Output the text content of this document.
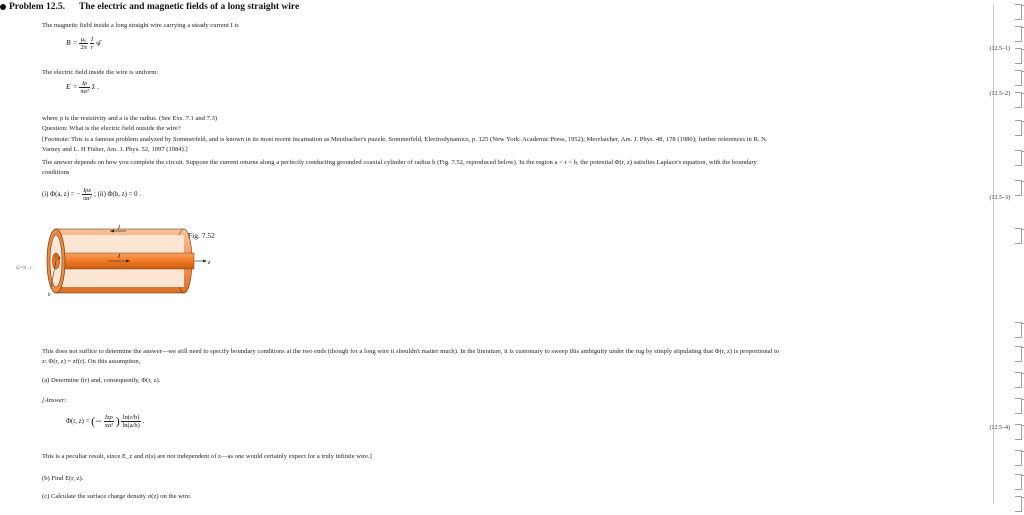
Problem 12.5. The electric and magnetic fields of a long straight wire
The magnetic field inside a long straight wire carrying a steady current I is
$B = \frac{\text{μ₀}}{2\pi}$
$\frac{I}{r}$ φ̂
(12.5–1)
The electric field inside the wire is uniform:
$E = \frac{I\rho}{\text{πa²}}$ ẑ .
(12.5–2)
where ρ is the resistivity and a is the radius. (See Exs. 7.1 and 7.3)
Question: What is the electric field outside the wire?
[Footnote: This is a famous problem analyzed by Sommerfeld, and is known in its most recent incarnation as Merzbacher's puzzle. Sommerfeld, Electrodynamics, p. 125 (New York: Academic Press, 1952); Merzbacher, Am. J. Phys. 48, 178 (1980); further references in R. N.
Varney and L. H Fisher, Am. J. Phys. 52, 1097 (1984).]
The answer depends on how you complete the circuit. Suppose the current returns along a perfectly conducting grounded coaxial cylinder of radius b (Fig. 7.52, reproduced below). In the region a < r < b, the potential Φ(r, z) satisfies Laplace's equation, with the boundary
conditions
(i) Φ(a, z) = − $\frac{\text{Iρz}}{\text{πa²}}$ ; (ii) Φ(b, z) = 0 .	(12.5–3)
I
I
z
a
b
Fig. 7.52
Ω=0(−)−
This does not suffice to determine the answer—we still need to specify boundary conditions at the two ends (though for a long wire it shouldn't matter much). In the literature, it is customary to sweep this ambiguity under the rug by simply stipulating that Φ(r, z) is proportional to
z: Φ(r, z) = zf(r). On this assumption,
(a) Determine f(r) and, consequently, Φ(r, z).
[Answer:
Φ(r, z) = (− $\frac{\text{Izρ}}{\text{πa²}}$ ) $\frac{\ln(r/b)}{\ln(a/b)}$ .
(12.5–4)
This is a peculiar result, since E_z and σ(s) are not independent of z—as one would certainly expect for a truly infinite wire.]
(b) Find E(r, z).
(c) Calculate the surface charge density σ(z) on the wire.
